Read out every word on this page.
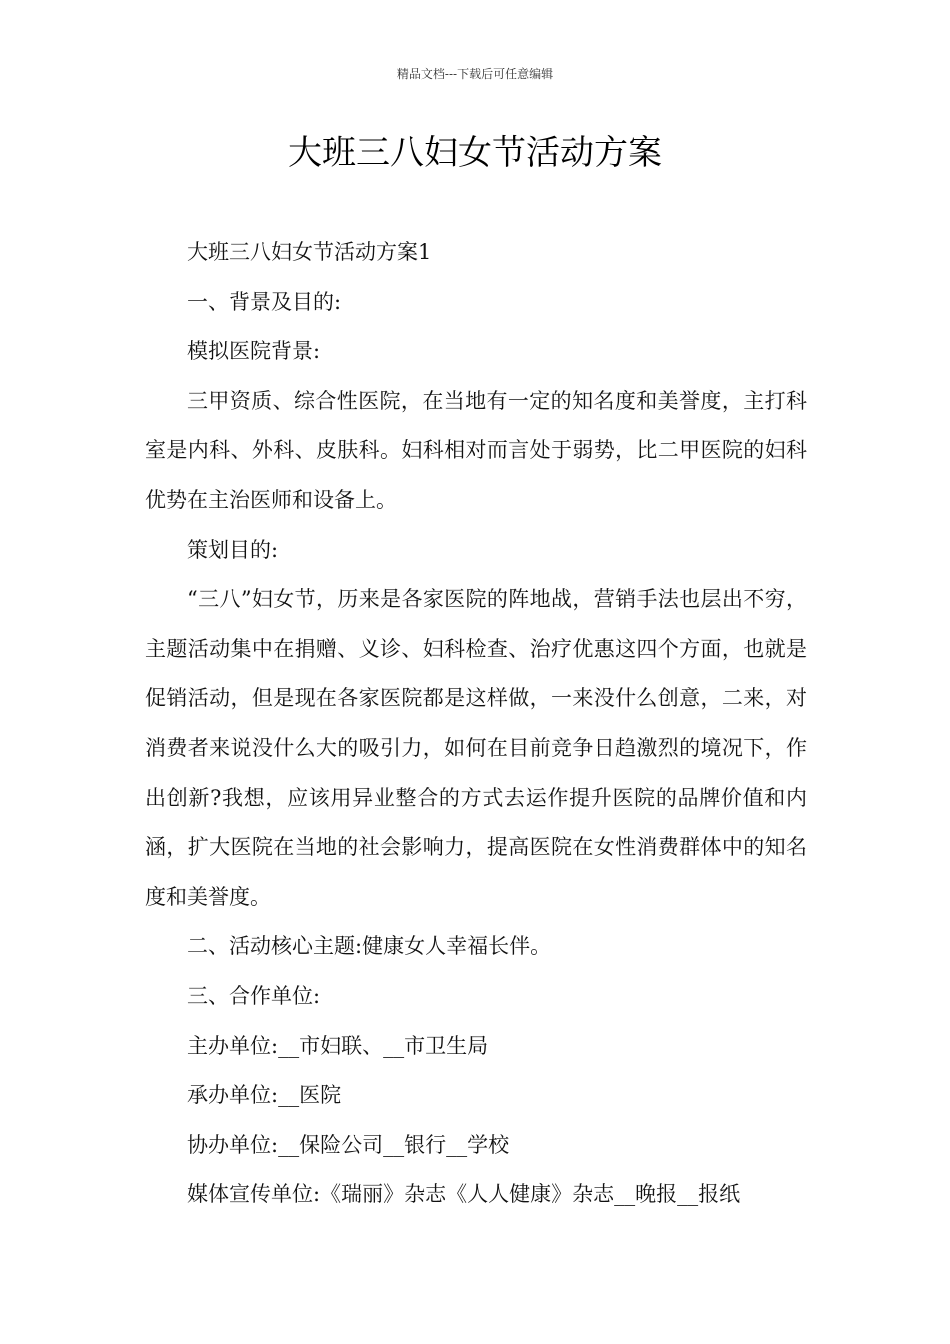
精品文档---下载后可任意编辑
大班三八妇女节活动方案

大班三八妇女节活动方案1

一、背景及目的:

模拟医院背景:

三甲资质、综合性医院，在当地有一定的知名度和美誉度，主打科室是内科、外科、皮肤科。妇科相对而言处于弱势，比二甲医院的妇科优势在主治医师和设备上。

策划目的:

“三八”妇女节，历来是各家医院的阵地战，营销手法也层出不穷，主题活动集中在捐赠、义诊、妇科检查、治疗优惠这四个方面，也就是促销活动，但是现在各家医院都是这样做，一来没什么创意，二来，对消费者来说没什么大的吸引力，如何在目前竞争日趋激烈的境况下，作出创新?我想，应该用异业整合的方式去运作提升医院的品牌价值和内涵，扩大医院在当地的社会影响力，提高医院在女性消费群体中的知名度和美誉度。

二、活动核心主题:健康女人幸福长伴。

三、合作单位:

主办单位:__市妇联、__市卫生局

承办单位:__医院

协办单位:__保险公司__银行__学校

媒体宣传单位:《瑞丽》杂志《人人健康》杂志__晚报__报纸
